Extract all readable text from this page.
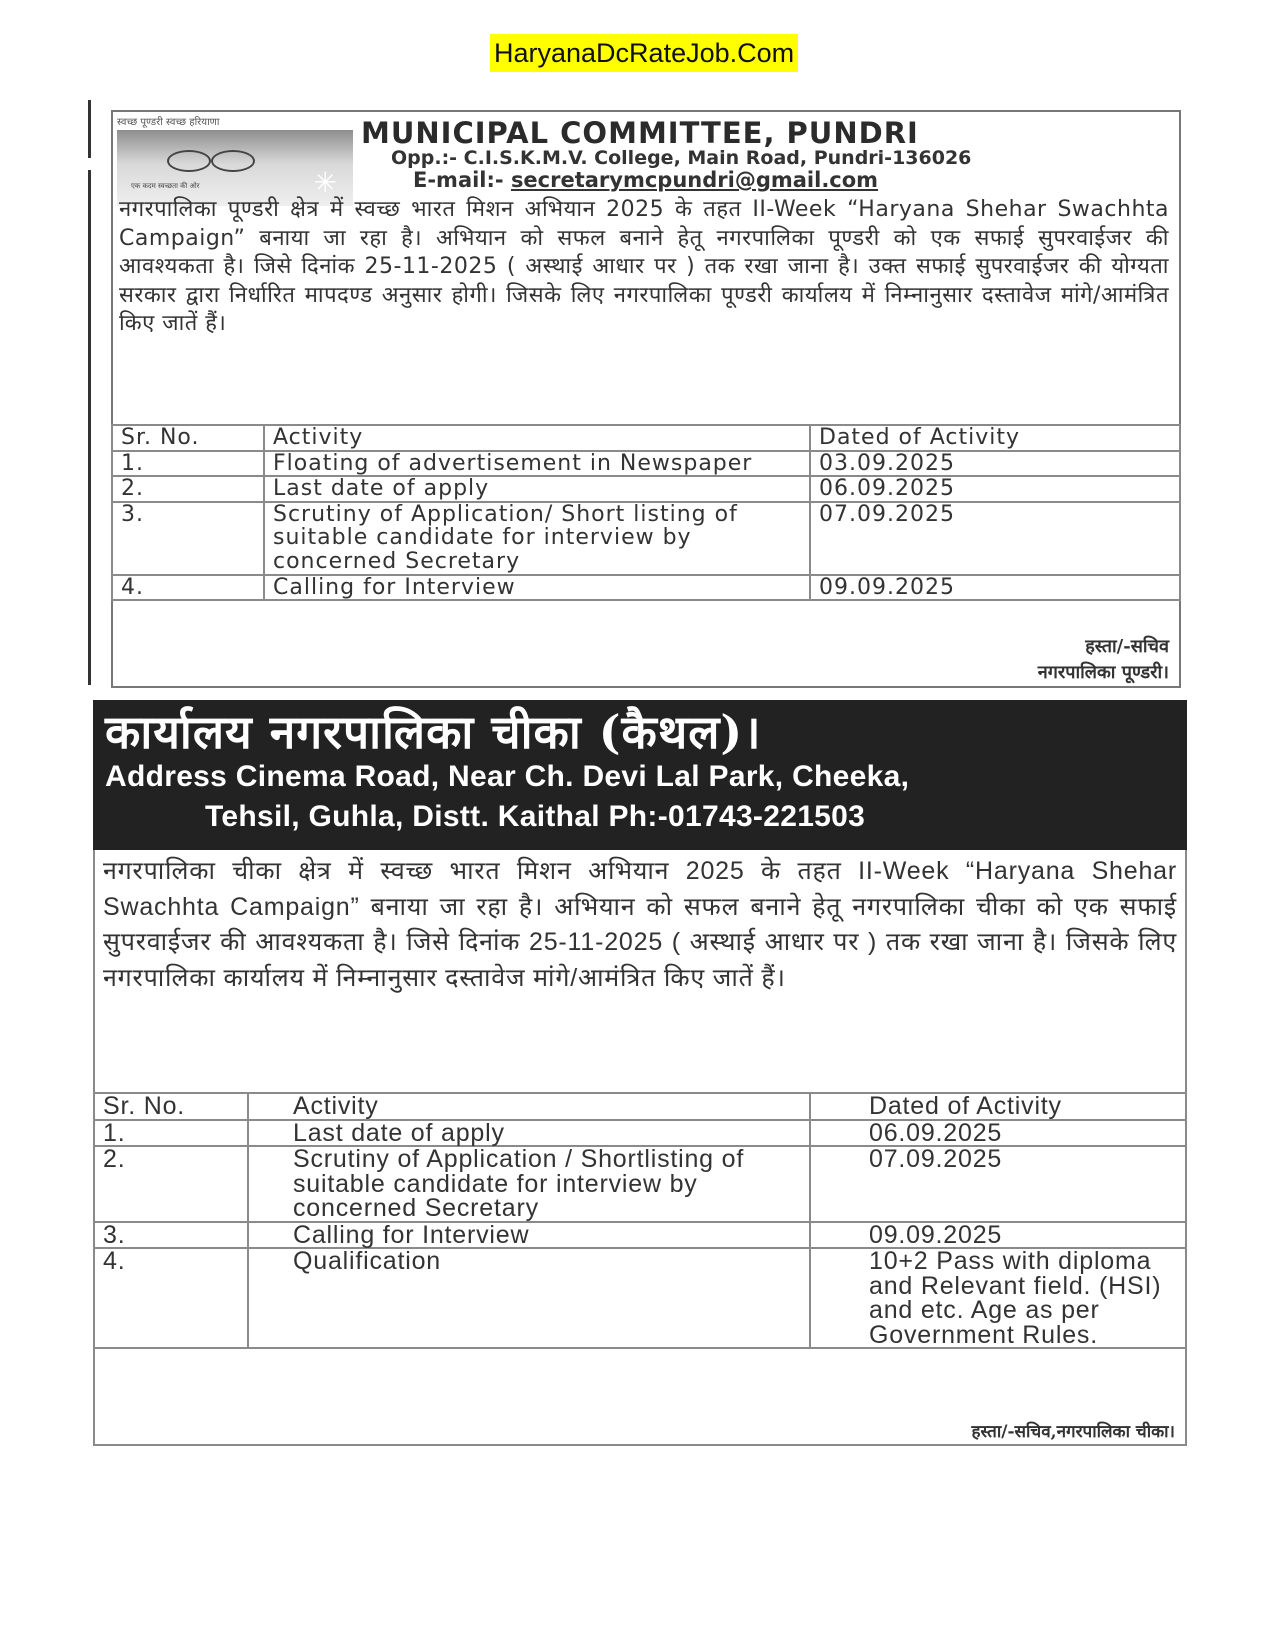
HaryanaDcRateJob.Com
स्वच्छ पूण्डरी स्वच्छ हरियाणा
एक कदम स्वच्छता की ओर	✳
MUNICIPAL COMMITTEE, PUNDRI
Opp.:- C.I.S.K.M.V. College, Main Road, Pundri-136026
E-mail:- secretarymcpundri@gmail.com

नगरपालिका पूण्डरी क्षेत्र में स्वच्छ भारत मिशन अभियान 2025 के तहत II-Week “Haryana Shehar Swachhta Campaign” बनाया जा रहा है। अभियान को सफल बनाने हेतू नगरपालिका पूण्डरी को एक सफाई सुपरवाईजर की आवश्यकता है। जिसे दिनांक 25-11-2025 ( अस्थाई आधार पर ) तक रखा जाना है। उक्त सफाई सुपरवाईजर की योग्यता सरकार द्वारा निर्धारित मापदण्ड अनुसार होगी। जिसके लिए नगरपालिका पूण्डरी कार्यालय में निम्नानुसार दस्तावेज मांगे/आमंत्रित किए जातें हैं।

Sr. No.	Activity	Dated of Activity
1.	Floating of advertisement in Newspaper	03.09.2025
2.	Last date of apply	06.09.2025
3.	Scrutiny of Application/ Short listing of suitable candidate for interview by concerned Secretary	07.09.2025
4.	Calling for Interview	09.09.2025
हस्ता/-सचिव
नगरपालिका पूण्डरी।
कार्यालय नगरपालिका चीका (कैथल)।
Address Cinema Road, Near Ch. Devi Lal Park, Cheeka,
Tehsil, Guhla, Distt. Kaithal Ph:-01743-221503

नगरपालिका चीका क्षेत्र में स्वच्छ भारत मिशन अभियान 2025 के तहत II-Week “Haryana Shehar Swachhta Campaign” बनाया जा रहा है। अभियान को सफल बनाने हेतू नगरपालिका चीका को एक सफाई सुपरवाईजर की आवश्यकता है। जिसे दिनांक 25-11-2025 ( अस्थाई आधार पर ) तक रखा जाना है। जिसके लिए नगरपालिका कार्यालय में निम्नानुसार दस्तावेज मांगे/आमंत्रित किए जातें हैं।

Sr. No.	Activity	Dated of Activity
1.	Last date of apply	06.09.2025
2.	Scrutiny of Application / Shortlisting of suitable candidate for interview by concerned Secretary	07.09.2025
3.	Calling for Interview	09.09.2025
4.	Qualification	10+2 Pass with diploma and Relevant field. (HSI) and etc. Age as per Government Rules.
हस्ता/-सचिव,नगरपालिका चीका।
